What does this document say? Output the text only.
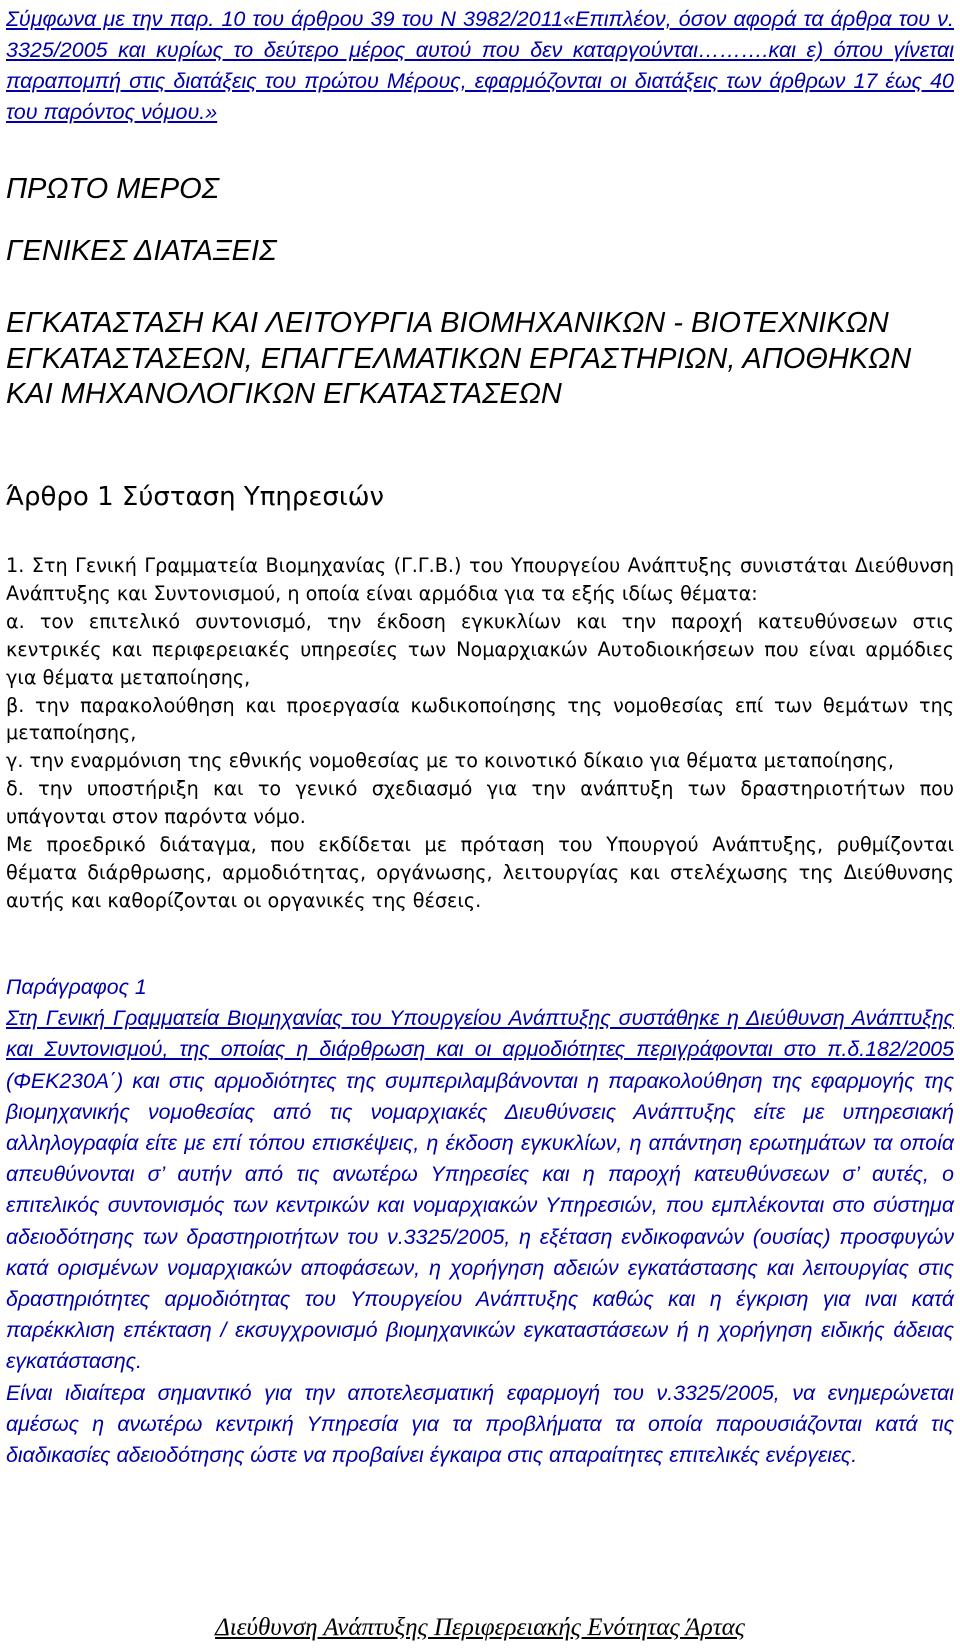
Σύμφωνα με την παρ. 10 του άρθρου 39 του Ν 3982/2011«Επιπλέον, όσον αφορά τα άρθρα του ν. 3325/2005 και κυρίως το δεύτερο μέρος αυτού που δεν καταργούνται……….και ε) όπου γίνεται παραπομπή στις διατάξεις του πρώτου Μέρους, εφαρμόζονται οι διατάξεις των άρθρων 17 έως 40 του παρόντος νόμου.»

ΠΡΩΤΟ ΜΕΡΟΣ
ΓΕΝΙΚΕΣ ΔΙΑΤΑΞΕΙΣ
ΕΓΚΑΤΑΣΤΑΣΗ ΚΑΙ ΛΕΙΤΟΥΡΓΙΑ ΒΙΟΜΗΧΑΝΙΚΩΝ - ΒΙΟΤΕΧΝΙΚΩΝ ΕΓΚΑΤΑΣΤΑΣΕΩΝ, ΕΠΑΓΓΕΛΜΑΤΙΚΩΝ ΕΡΓΑΣΤΗΡΙΩΝ, ΑΠΟΘΗΚΩΝ ΚΑΙ ΜΗΧΑΝΟΛΟΓΙΚΩΝ ΕΓΚΑΤΑΣΤΑΣΕΩΝ
Άρθρο 1 Σύσταση Υπηρεσιών

1. Στη Γενική Γραμματεία Βιομηχανίας (Γ.Γ.Β.) του Υπουργείου Ανάπτυξης συνιστάται Διεύθυνση Ανάπτυξης και Συντονισμού, η οποία είναι αρμόδια για τα εξής ιδίως θέματα:

α. τον επιτελικό συντονισμό, την έκδοση εγκυκλίων και την παροχή κατευθύνσεων στις κεντρικές και περιφερειακές υπηρεσίες των Νομαρχιακών Αυτοδιοικήσεων που είναι αρμόδιες για θέματα μεταποίησης,

β. την παρακολούθηση και προεργασία κωδικοποίησης της νομοθεσίας επί των θεμάτων της μεταποίησης,

γ. την εναρμόνιση της εθνικής νομοθεσίας με το κοινοτικό δίκαιο για θέματα μεταποίησης,

δ. την υποστήριξη και το γενικό σχεδιασμό για την ανάπτυξη των δραστηριοτήτων που υπάγονται στον παρόντα νόμο.

Με προεδρικό διάταγμα, που εκδίδεται με πρόταση του Υπουργού Ανάπτυξης, ρυθμίζονται θέματα διάρθρωσης, αρμοδιότητας, οργάνωσης, λειτουργίας και στελέχωσης της Διεύθυνσης αυτής και καθορίζονται οι οργανικές της θέσεις.

Παράγραφος 1

Στη Γενική Γραμματεία Βιομηχανίας του Υπουργείου Ανάπτυξης συστάθηκε η Διεύθυνση Ανάπτυξης και Συντονισμού, της οποίας η διάρθρωση και οι αρμοδιότητες περιγράφονται στο π.δ.182/2005 (ΦΕΚ230Α΄) και στις αρμοδιότητες της συμπεριλαμβάνονται η παρακολούθηση της εφαρμογής της βιομηχανικής νομοθεσίας από τις νομαρχιακές Διευθύνσεις Ανάπτυξης είτε με υπηρεσιακή αλληλογραφία είτε με επί τόπου επισκέψεις, η έκδοση εγκυκλίων, η απάντηση ερωτημάτων τα οποία απευθύνονται σ’ αυτήν από τις ανωτέρω Υπηρεσίες και η παροχή κατευθύνσεων σ’ αυτές, ο επιτελικός συντονισμός των κεντρικών και νομαρχιακών Υπηρεσιών, που εμπλέκονται στο σύστημα αδειοδότησης των δραστηριοτήτων του ν.3325/2005, η εξέταση ενδικοφανών (ουσίας) προσφυγών κατά ορισμένων νομαρχιακών αποφάσεων, η χορήγηση αδειών εγκατάστασης και λειτουργίας στις δραστηριότητες αρμοδιότητας του Υπουργείου Ανάπτυξης καθώς και η έγκριση για ιναι κατά παρέκκλιση επέκταση / εκσυγχρονισμό βιομηχανικών εγκαταστάσεων ή η χορήγηση ειδικής άδειας εγκατάστασης.

Είναι ιδιαίτερα σημαντικό για την αποτελεσματική εφαρμογή του ν.3325/2005, να ενημερώνεται αμέσως η ανωτέρω κεντρική Υπηρεσία για τα προβλήματα τα οποία παρουσιάζονται κατά τις διαδικασίες αδειοδότησης ώστε να προβαίνει έγκαιρα στις απαραίτητες επιτελικές ενέργειες.

Διεύθυνση Ανάπτυξης Περιφερειακής Ενότητας Άρτας
